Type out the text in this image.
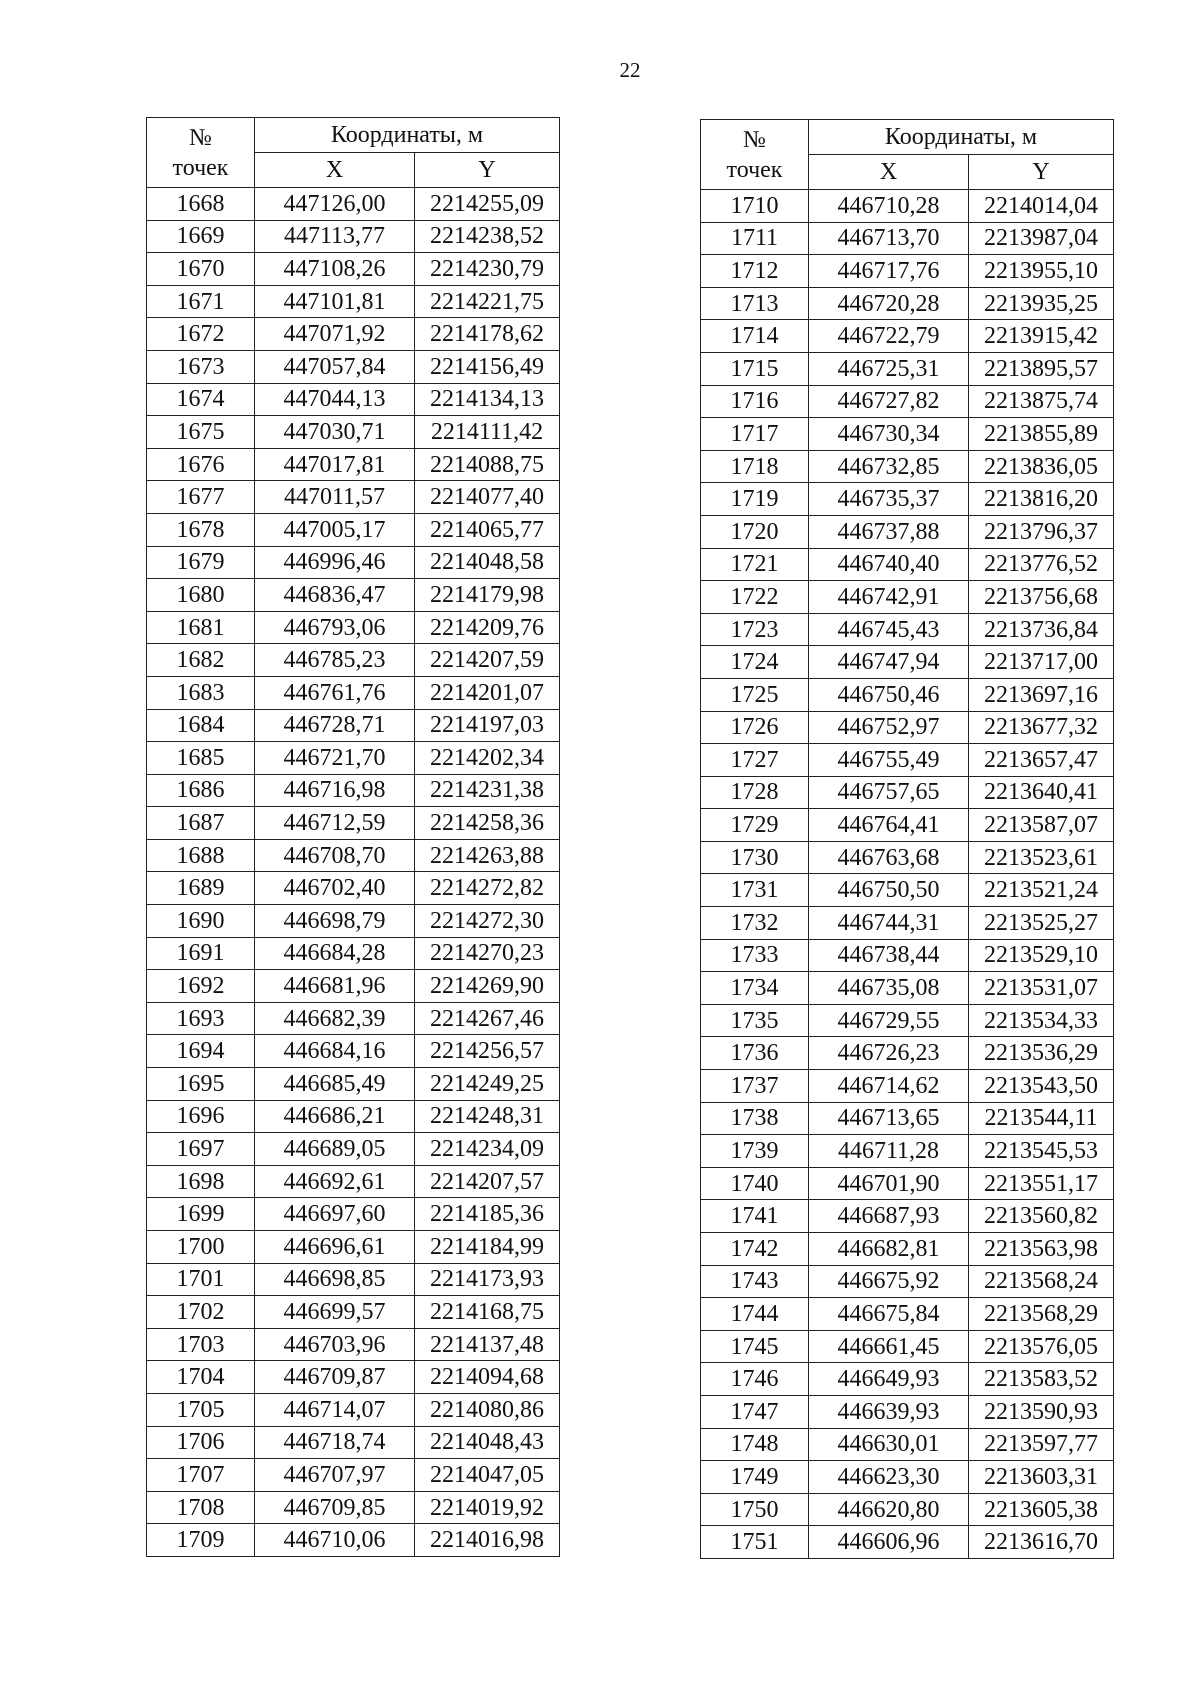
22
№
точек	Координаты, м	
	X	Y
1668	447126,00	2214255,09
1669	447113,77	2214238,52
1670	447108,26	2214230,79
1671	447101,81	2214221,75
1672	447071,92	2214178,62
1673	447057,84	2214156,49
1674	447044,13	2214134,13
1675	447030,71	2214111,42
1676	447017,81	2214088,75
1677	447011,57	2214077,40
1678	447005,17	2214065,77
1679	446996,46	2214048,58
1680	446836,47	2214179,98
1681	446793,06	2214209,76
1682	446785,23	2214207,59
1683	446761,76	2214201,07
1684	446728,71	2214197,03
1685	446721,70	2214202,34
1686	446716,98	2214231,38
1687	446712,59	2214258,36
1688	446708,70	2214263,88
1689	446702,40	2214272,82
1690	446698,79	2214272,30
1691	446684,28	2214270,23
1692	446681,96	2214269,90
1693	446682,39	2214267,46
1694	446684,16	2214256,57
1695	446685,49	2214249,25
1696	446686,21	2214248,31
1697	446689,05	2214234,09
1698	446692,61	2214207,57
1699	446697,60	2214185,36
1700	446696,61	2214184,99
1701	446698,85	2214173,93
1702	446699,57	2214168,75
1703	446703,96	2214137,48
1704	446709,87	2214094,68
1705	446714,07	2214080,86
1706	446718,74	2214048,43
1707	446707,97	2214047,05
1708	446709,85	2214019,92
1709	446710,06	2214016,98
№
точек	Координаты, м	
	X	Y
1710	446710,28	2214014,04
1711	446713,70	2213987,04
1712	446717,76	2213955,10
1713	446720,28	2213935,25
1714	446722,79	2213915,42
1715	446725,31	2213895,57
1716	446727,82	2213875,74
1717	446730,34	2213855,89
1718	446732,85	2213836,05
1719	446735,37	2213816,20
1720	446737,88	2213796,37
1721	446740,40	2213776,52
1722	446742,91	2213756,68
1723	446745,43	2213736,84
1724	446747,94	2213717,00
1725	446750,46	2213697,16
1726	446752,97	2213677,32
1727	446755,49	2213657,47
1728	446757,65	2213640,41
1729	446764,41	2213587,07
1730	446763,68	2213523,61
1731	446750,50	2213521,24
1732	446744,31	2213525,27
1733	446738,44	2213529,10
1734	446735,08	2213531,07
1735	446729,55	2213534,33
1736	446726,23	2213536,29
1737	446714,62	2213543,50
1738	446713,65	2213544,11
1739	446711,28	2213545,53
1740	446701,90	2213551,17
1741	446687,93	2213560,82
1742	446682,81	2213563,98
1743	446675,92	2213568,24
1744	446675,84	2213568,29
1745	446661,45	2213576,05
1746	446649,93	2213583,52
1747	446639,93	2213590,93
1748	446630,01	2213597,77
1749	446623,30	2213603,31
1750	446620,80	2213605,38
1751	446606,96	2213616,70
